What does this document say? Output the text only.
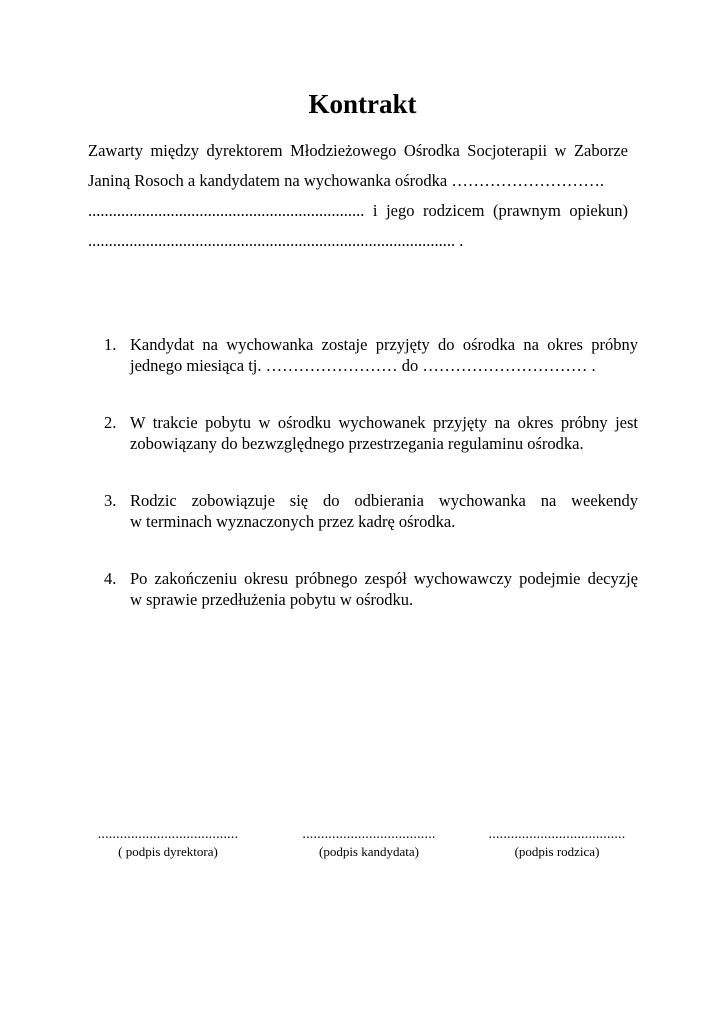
Kontrakt
Zawarty między dyrektorem Młodzieżowego Ośrodka Socjoterapii w Zaborze
Janiną Rosoch a kandydatem na wychowanka ośrodka ……………………….
................................................................... i jego rodzicem (prawnym opiekun)
......................................................................................... .
1. Kandydat na wychowanka zostaje przyjęty do ośrodka na okres próbny
jednego miesiąca tj. …………………… do ………………………… .
2. W trakcie pobytu w ośrodku wychowanek przyjęty na okres próbny jest
zobowiązany do bezwzględnego przestrzegania regulaminu ośrodka.
3. Rodzic zobowiązuje się do odbierania wychowanka na weekendy
w terminach wyznaczonych przez kadrę ośrodka.
4. Po zakończeniu okresu próbnego zespół wychowawczy podejmie decyzję
w sprawie przedłużenia pobytu w ośrodku.
......................................
( podpis dyrektora)
....................................
(podpis kandydata)
.....................................
(podpis rodzica)
